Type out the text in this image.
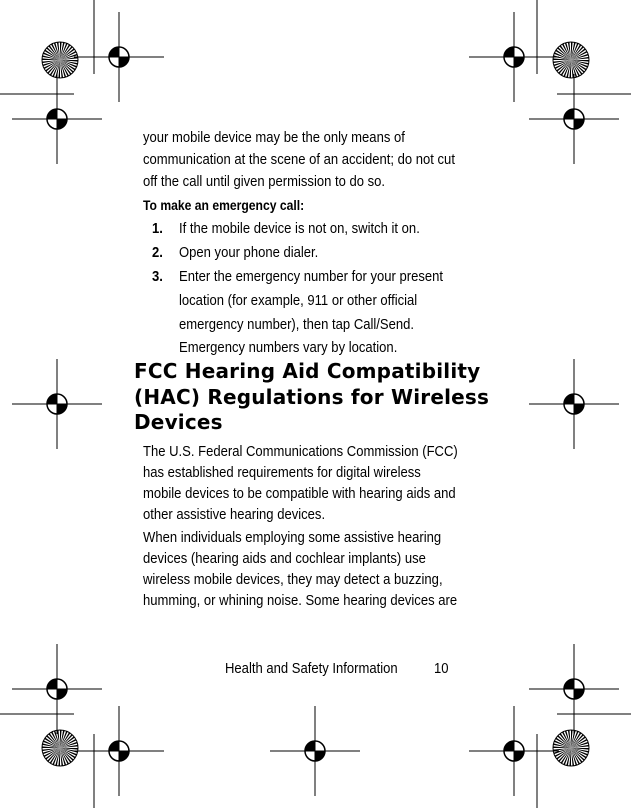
your mobile device may be the only means of
communication at the scene of an accident; do not cut
off the call until given permission to do so.
To make an emergency call:
1. If the mobile device is not on, switch it on.
2. Open your phone dialer.
3. Enter the emergency number for your present
location (for example, 911 or other official
emergency number), then tap Call/Send.
Emergency numbers vary by location.
FCC Hearing Aid Compatibility
(HAC) Regulations for Wireless
Devices
The U.S. Federal Communications Commission (FCC)
has established requirements for digital wireless
mobile devices to be compatible with hearing aids and
other assistive hearing devices.
When individuals employing some assistive hearing
devices (hearing aids and cochlear implants) use
wireless mobile devices, they may detect a buzzing,
humming, or whining noise. Some hearing devices are
Health and Safety Information	10
